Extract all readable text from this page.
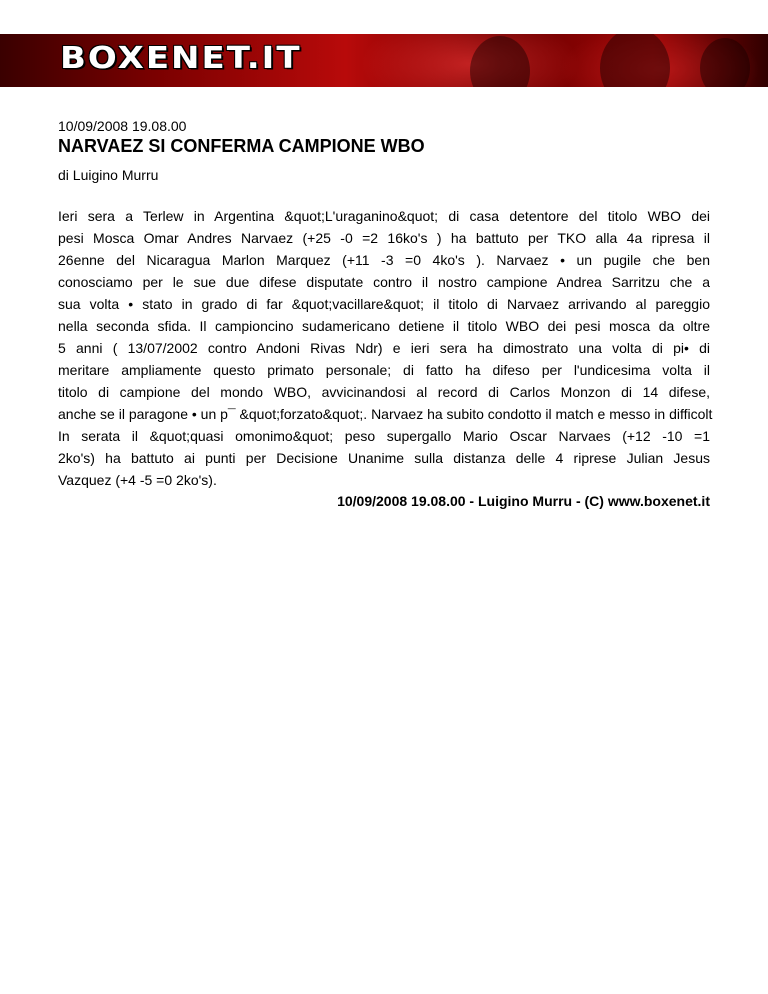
BOXENET.IT
10/09/2008 19.08.00
NARVAEZ SI CONFERMA CAMPIONE WBO
di Luigino Murru
Ieri sera a Terlew in Argentina &quot;L'uraganino&quot; di casa detentore del titolo WBO dei
pesi Mosca Omar Andres Narvaez (+25 -0 =2 16ko's ) ha battuto per TKO alla 4a ripresa il
26enne del Nicaragua Marlon Marquez (+11 -3 =0 4ko's ). Narvaez • un pugile che ben
conosciamo per le sue due difese disputate contro il nostro campione Andrea Sarritzu che a
sua volta • stato in grado di far &quot;vacillare&quot; il titolo di Narvaez arrivando al pareggio
nella seconda sfida. Il campioncino sudamericano detiene il titolo WBO dei pesi mosca da oltre
5 anni ( 13/07/2002 contro Andoni Rivas Ndr) e ieri sera ha dimostrato una volta di pi• di
meritare ampliamente questo primato personale; di fatto ha difeso per l'undicesima volta il
titolo di campione del mondo WBO, avvicinandosi al record di Carlos Monzon di 14 difese,
anche se il paragone • un p¯ &quot;forzato&quot;. Narvaez ha subito condotto il match e messo in difficolt
In serata il &quot;quasi omonimo&quot; peso supergallo Mario Oscar Narvaes (+12 -10 =1
2ko's) ha battuto ai punti per Decisione Unanime sulla distanza delle 4 riprese Julian Jesus
Vazquez (+4 -5 =0 2ko's).
10/09/2008 19.08.00 - Luigino Murru - (C) www.boxenet.it
